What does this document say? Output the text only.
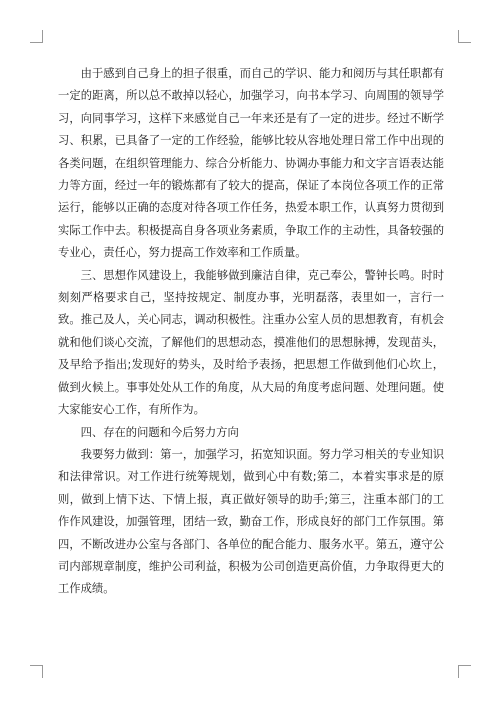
由于感到自己身上的担子很重，而自己的学识、能力和阅历与其任职都有一定的距离，所以总不敢掉以轻心，加强学习，向书本学习、向周围的领导学习，向同事学习，这样下来感觉自己一年来还是有了一定的进步。经过不断学习、积累，已具备了一定的工作经验，能够比较从容地处理日常工作中出现的各类问题，在组织管理能力、综合分析能力、协调办事能力和文字言语表达能力等方面，经过一年的锻炼都有了较大的提高，保证了本岗位各项工作的正常运行，能够以正确的态度对待各项工作任务，热爱本职工作，认真努力贯彻到实际工作中去。积极提高自身各项业务素质，争取工作的主动性，具备较强的专业心，责任心，努力提高工作效率和工作质量。

三、思想作风建设上，我能够做到廉洁自律，克己奉公，警钟长鸣。时时刻刻严格要求自己，坚持按规定、制度办事，光明磊落，表里如一，言行一致。推己及人，关心同志，调动积极性。注重办公室人员的思想教育，有机会就和他们谈心交流，了解他们的思想动态，摸准他们的思想脉搏，发现苗头，及早给予指出;发现好的势头，及时给予表扬，把思想工作做到他们心坎上，做到火候上。事事处处从工作的角度，从大局的角度考虑问题、处理问题。使大家能安心工作，有所作为。

四、存在的问题和今后努力方向

我要努力做到：第一，加强学习，拓宽知识面。努力学习相关的专业知识和法律常识。对工作进行统筹规划，做到心中有数;第二，本着实事求是的原则，做到上情下达、下情上报，真正做好领导的助手;第三，注重本部门的工作作风建设，加强管理，团结一致，勤奋工作，形成良好的部门工作氛围。第四，不断改进办公室与各部门、各单位的配合能力、服务水平。第五，遵守公司内部规章制度，维护公司利益，积极为公司创造更高价值，力争取得更大的工作成绩。
